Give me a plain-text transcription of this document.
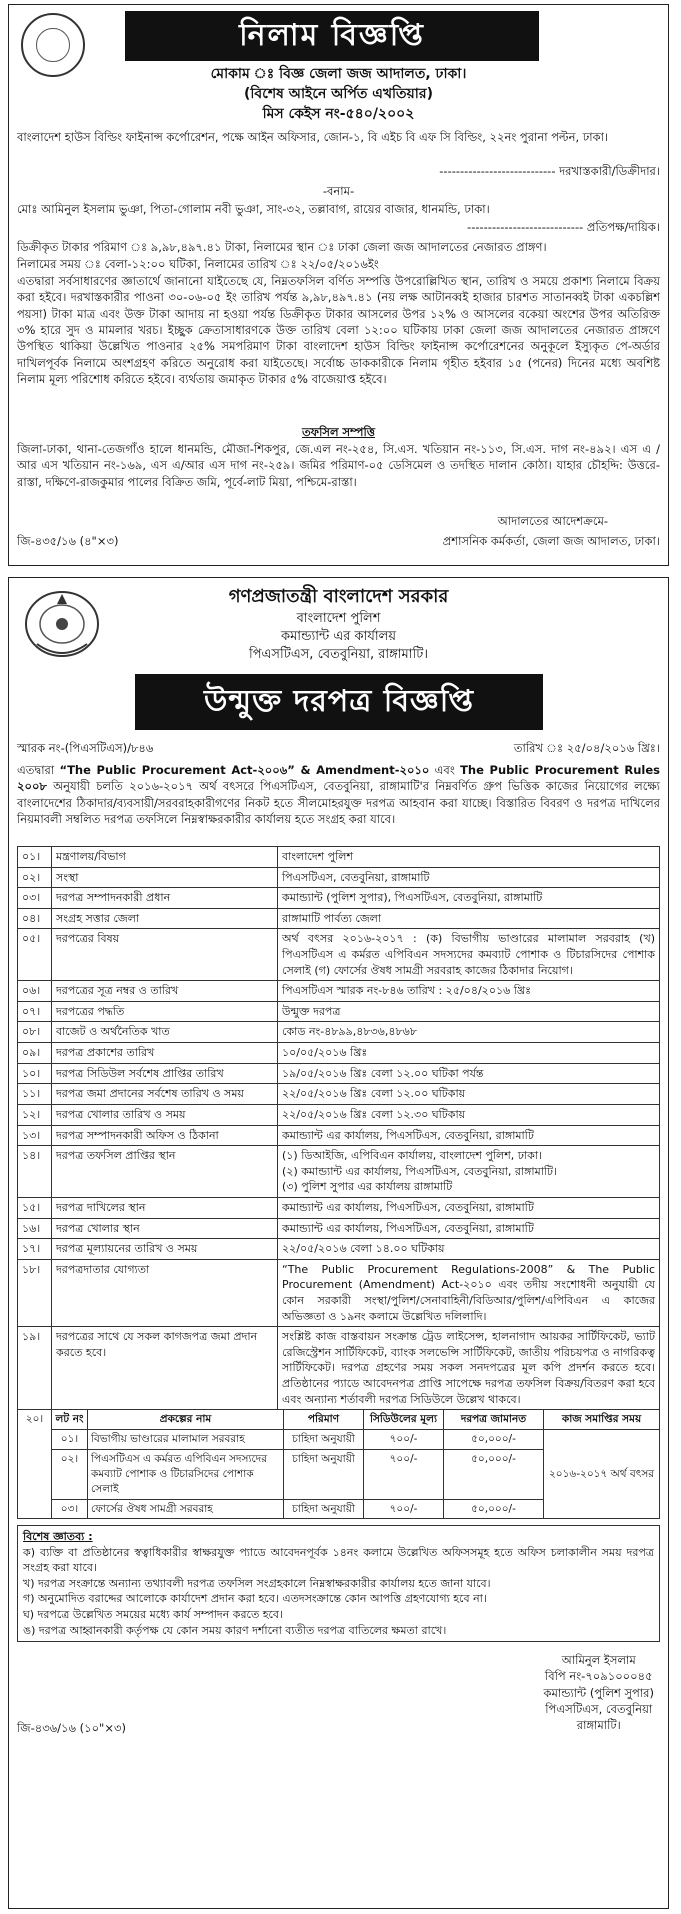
নিলাম বিজ্ঞপ্তি
মোকাম ঃ বিজ্ঞ জেলা জজ আদালত, ঢাকা।
(বিশেষ আইনে অর্পিত এখতিয়ার)
মিস কেইস নং-৫৪০/২০০২
বাংলাদেশ হাউস বিল্ডিং ফাইনান্স কর্পোরেশন, পক্ষে আইন অফিসার, জোন-১, বি এইচ বি এফ সি বিল্ডিং, ২২নং পুরানা পল্টন, ঢাকা।
---------------------------- দরখাস্তকারী/ডিক্রীদার।
-বনাম-
মোঃ আমিনুল ইসলাম ভুঞা, পিতা-গোলাম নবী ভুঞা, সাং-৩২, তল্লাবাগ, রায়ের বাজার, ধানমন্ডি, ঢাকা।
---------------------------- প্রতিপক্ষ/দায়িক।
ডিক্রীকৃত টাকার পরিমাণ ঃ ৯,৯৮,৪৯৭.৪১ টাকা, নিলামের স্থান ঃ ঢাকা জেলা জজ আদালতের নেজারত প্রাঙ্গণ।
নিলামের সময় ঃ বেলা-১২:০০ ঘটিকা, নিলামের তারিখ ঃ ২২/০৫/২০১৬ইং
এতদ্বারা সর্বসাধারণের জ্ঞাতার্থে জানানো যাইতেছে যে, নিম্নতফসিল বর্ণিত সম্পত্তি উপরোল্লিখিত স্থান, তারিখ ও সময়ে প্রকাশ্য নিলামে বিক্রয় করা হইবে। দরখাস্তকারীর পাওনা ৩০-০৬-০৫ ইং তারিখ পর্যন্ত ৯,৯৮,৪৯৭.৪১ (নয় লক্ষ আটানব্বই হাজার চারশত সাতানব্বই টাকা একচল্লিশ পয়সা) টাকা মাত্র এবং উক্ত টাকা আদায় না হওয়া পর্যন্ত ডিক্রীকৃত টাকার আসলের উপর ১২% ও আসলের বকেয়া অংশের উপর অতিরিক্ত ৩% হারে সুদ ও মামলার খরচ। ইচ্ছুক ক্রেতাসাধারণকে উক্ত তারিখ বেলা ১২:০০ ঘটিকায় ঢাকা জেলা জজ আদালতের নেজারত প্রাঙ্গণে উপস্থিত থাকিয়া উল্লেখিত পাওনার ২৫% সমপরিমাণ টাকা বাংলাদেশ হাউস বিল্ডিং ফাইনান্স কর্পোরেশনের অনুকূলে ইস্যুকৃত পে-অর্ডার দাখিলপূর্বক নিলামে অংশগ্রহণ করিতে অনুরোধ করা যাইতেছে। সর্বোচ্চ ডাককারীকে নিলাম গৃহীত হইবার ১৫ (পনের) দিনের মধ্যে অবশিষ্ট নিলাম মূল্য পরিশোধ করিতে হইবে। ব্যর্থতায় জমাকৃত টাকার ৫% বাজেয়াপ্ত হইবে।
তফসিল সম্পত্তি
জিলা-ঢাকা, থানা-তেজগাঁও হালে ধানমন্ডি, মৌজা-শিকপুর, জে.এল নং-২৫৪, সি.এস. খতিয়ান নং-১১৩, সি.এস. দাগ নং-৪৯২। এস এ / আর এস খতিয়ান নং-১৬৯, এস এ/আর এস দাগ নং-২৫৯। জমির পরিমাণ-০৫ ডেসিমেল ও তদস্থিত দালান কোঠা। যাহার চৌহদ্দি: উত্তরে-রাস্তা, দক্ষিণে-রাজকুমার পালের বিক্রিত জমি, পূর্বে-লাট মিয়া, পশ্চিমে-রাস্তা।
আদালতের আদেশক্রমে-
জি-৪৩৫/১৬ (৪"×৩)	প্রশাসনিক কর্মকর্তা, জেলা জজ আদালত, ঢাকা।
গণপ্রজাতন্ত্রী বাংলাদেশ সরকার
বাংলাদেশ পুলিশ
কমান্ড্যান্ট এর কার্যালয়
পিএসটিএস, বেতবুনিয়া, রাঙ্গামাটি।
উন্মুক্ত দরপত্র বিজ্ঞপ্তি
স্মারক নং-(পিএসটিএস)/৮৪৬	তারিখ ঃ ২৫/০৪/২০১৬ খ্রিঃ।
এতদ্বারা “The Public Procurement Act-২০০৬” & Amendment-২০১০ এবং The Public Procurement Rules ২০০৮ অনুযায়ী চলতি ২০১৬-২০১৭ অর্থ বৎসরে পিএসটিএস, বেতবুনিয়া, রাঙ্গামাটি'র নিম্নবর্ণিত গ্রুপ ভিত্তিক কাজের নিয়োগের লক্ষ্যে বাংলাদেশের ঠিকাদার/ব্যবসায়ী/সরবরাহকারীগণের নিকট হতে সীলমোহরযুক্ত দরপত্র আহবান করা যাচ্ছে। বিস্তারিত বিবরণ ও দরপত্র দাখিলের নিয়মাবলী সম্বলিত দরপত্র তফসিলে নিম্নস্বাক্ষরকারীর কার্যালয় হতে সংগ্রহ করা যাবে।
০১।	মন্ত্রণালয়/বিভাগ	বাংলাদেশ পুলিশ
০২।	সংস্থা	পিএসটিএস, বেতবুনিয়া, রাঙ্গামাটি
০৩।	দরপত্র সম্পাদনকারী প্রধান	কমান্ড্যান্ট (পুলিশ সুপার), পিএসটিএস, বেতবুনিয়া, রাঙ্গামাটি
০৪।	সংগ্রহ সত্তার জেলা	রাঙ্গামাটি পার্বত্য জেলা
০৫।	দরপত্রের বিষয়	অর্থ বৎসর ২০১৬-২০১৭ : (ক) বিভাগীয় ভাণ্ডারের মালামাল সরবরাহ (খ) পিএসটিএস এ কর্মরত এপিবিএন সদস্যদের কমব্যাট পোশাক ও টিচারসিদের পোশাক সেলাই (গ) ফোর্সের ঔষধ সামগ্রী সরবরাহ কাজের ঠিকাদার নিয়োগ।
০৬।	দরপত্রের সূত্র নম্বর ও তারিখ	পিএসটিএস স্মারক নং-৮৪৬ তারিখ : ২৫/০৪/২০১৬ খ্রিঃ
০৭।	দরপত্রের পদ্ধতি	উন্মুক্ত দরপত্র
০৮।	বাজেট ও অর্থনৈতিক খাত	কোড নং-৪৮৯৯,৪৮৩৬,৪৮৬৮
০৯।	দরপত্র প্রকাশের তারিখ	১০/০৫/২০১৬ খ্রিঃ
১০।	দরপত্র সিডিউল সর্বশেষ প্রাপ্তির তারিখ	১৯/০৫/২০১৬ খ্রিঃ বেলা ১২.০০ ঘটিকা পর্যন্ত
১১।	দরপত্র জমা প্রদানের সর্বশেষ তারিখ ও সময়	২২/০৫/২০১৬ খ্রিঃ বেলা ১২.০০ ঘটিকায়
১২।	দরপত্র খোলার তারিখ ও সময়	২২/০৫/২০১৬ খ্রিঃ বেলা ১২.৩০ ঘটিকায়
১৩।	দরপত্র সম্পাদনকারী অফিস ও ঠিকানা	কমান্ড্যান্ট এর কার্যালয়, পিএসটিএস, বেতবুনিয়া, রাঙ্গামাটি
১৪।	দরপত্র তফসিল প্রাপ্তির স্থান	(১) ডিআইজি, এপিবিএন কার্যালয়, বাংলাদেশ পুলিশ, ঢাকা।
(২) কমান্ড্যান্ট এর কার্যালয়, পিএসটিএস, বেতবুনিয়া, রাঙ্গামাটি।
(৩) পুলিশ সুপার এর কার্যালয় রাঙ্গামাটি
১৫।	দরপত্র দাখিলের স্থান	কমান্ড্যান্ট এর কার্যালয়, পিএসটিএস, বেতবুনিয়া, রাঙ্গামাটি
১৬।	দরপত্র খোলার স্থান	কমান্ড্যান্ট এর কার্যালয়, পিএসটিএস, বেতবুনিয়া, রাঙ্গামাটি
১৭।	দরপত্র মূল্যায়নের তারিখ ও সময়	২২/০৫/২০১৬ বেলা ১৪.০০ ঘটিকায়
১৮।	দরপত্রদাতার যোগ্যতা	“The Public Procurement Regulations-2008” & The Public Procurement (Amendment) Act-২০১০ এবং তদীয় সংশোধনী অনুযায়ী যে কোন সরকারী সংস্থা/পুলিশ/সেনাবাহিনী/বিডিআর/পুলিশ/এপিবিএন এ কাজের অভিজ্ঞতা ও ১৯নং কলামে উল্লেখিত দলিলাদি।
১৯।	দরপত্রের সাথে যে সকল কাগজপত্র জমা প্রদান করতে হবে।	সংশ্লিষ্ট কাজ বাস্তবায়ন সংক্রান্ত ট্রেড লাইসেন্স, হালনাগাদ আয়কর সার্টিফিকেট, ভ্যাট রেজিস্ট্রেশন সার্টিফিকেট, ব্যাংক সলভেন্সি সার্টিফিকেট, জাতীয় পরিচয়পত্র ও নাগরিকত্ব সার্টিফিকেট। দরপত্র গ্রহণের সময় সকল সনদপত্রের মূল কপি প্রদর্শন করতে হবে। প্রতিষ্ঠানের প্যাডে আবেদনপত্র প্রাপ্তি সাপেক্ষে দরপত্র তফসিল বিক্রয়/বিতরণ করা হবে এবং অন্যান্য শর্তাবলী দরপত্র সিডিউলে উল্লেখ থাকবে।
২০।	লট নং	প্রকল্পের নাম	পরিমাণ	সিডিউলের মূল্য	দরপত্র জামানত	কাজ সমাপ্তির সময়
	০১।	বিভাগীয় ভাণ্ডারের মালামাল সরবরাহ	চাহিদা অনুযায়ী	৭০০/-	৫০,০০০/-	২০১৬-২০১৭ অর্থ বৎসর
	০২।	পিএসটিএস এ কর্মরত এপিবিএন সদস্যদের কমব্যাট পোশাক ও টিচারসিদের পোশাক সেলাই	চাহিদা অনুযায়ী	৭০০/-	৫০,০০০/-	
	০৩।	ফোর্সের ঔষধ সামগ্রী সরবরাহ	চাহিদা অনুযায়ী	৭০০/-	৫০,০০০/-	
বিশেষ জ্ঞাতব্য :
ক) ব্যক্তি বা প্রতিষ্ঠানের স্বত্বাধিকারীর স্বাক্ষরযুক্ত প্যাডে আবেদনপূর্বক ১৪নং কলামে উল্লেখিত অফিসসমূহ হতে অফিস চলাকালীন সময় দরপত্র সংগ্রহ করা যাবে।
খ) দরপত্র সংক্রান্তে অন্যান্য তথ্যাবলী দরপত্র তফসিল সংগ্রহকালে নিম্নস্বাক্ষরকারীর কার্যালয় হতে জানা যাবে।
গ) অনুমোদিত বরাদ্দের আলোকে কার্যাদেশ প্রদান করা হবে। এতদসংক্রান্তে কোন আপত্তি গ্রহণযোগ্য হবে না।
ঘ) দরপত্রে উল্লেখিত সময়ের মধ্যে কার্য সম্পাদন করতে হবে।
ঙ) দরপত্র আহ্বানকারী কর্তৃপক্ষ যে কোন সময় কারণ দর্শানো ব্যতীত দরপত্র বাতিলের ক্ষমতা রাখে।
আমিনুল ইসলাম
বিপি নং-৭০৯১০০০৪৫
কমান্ড্যান্ট (পুলিশ সুপার)
পিএসটিএস, বেতবুনিয়া
রাঙ্গামাটি।
জি-৪৩৬/১৬ (১০"×৩)
